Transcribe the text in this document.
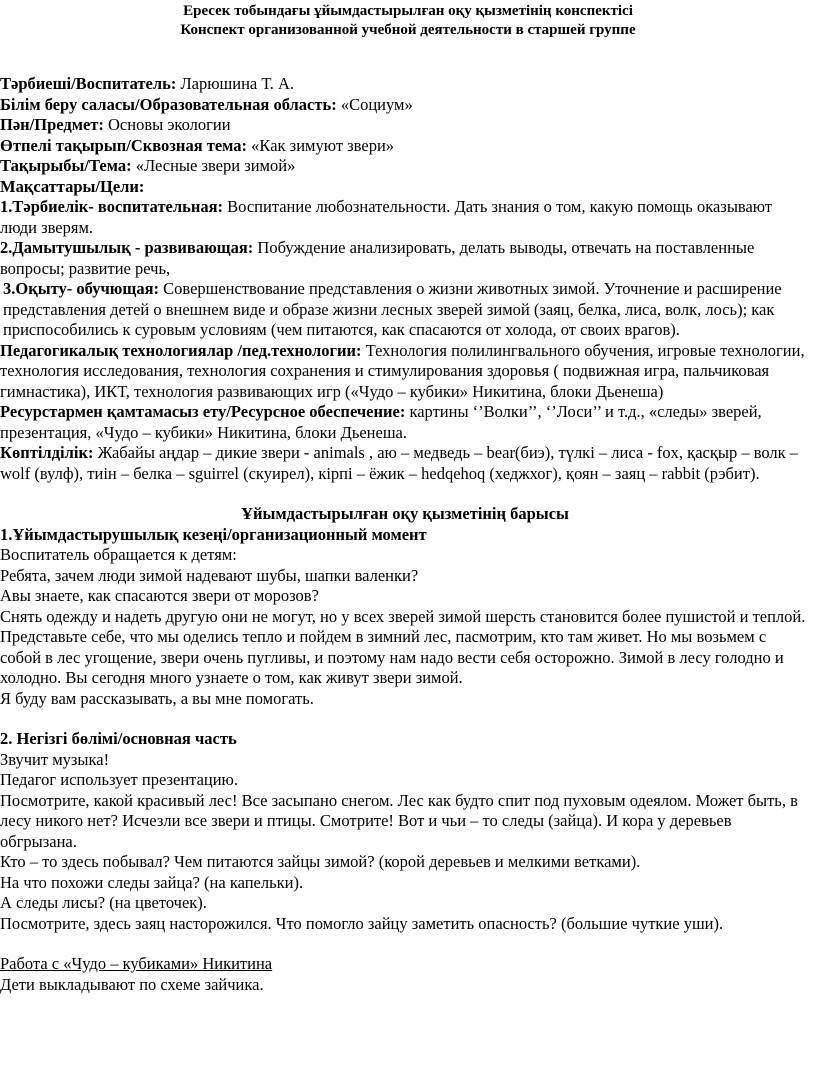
Ересек тобындағы ұйымдастырылған оқу қызметінің конспектісі
Конспект организованной учебной деятельности в старшей группе

Тәрбиеші/Воспитатель: Ларюшина Т. А.

Білім беру саласы/Образовательная область: «Социум»

Пән/Предмет: Основы экологии

Өтпелі тақырып/Сквозная тема: «Как зимуют звери»

Тақырыбы/Тема: «Лесные звери зимой»

Мақсаттары/Цели:

1.Тәрбиелік- воспитательная: Воспитание любознательности. Дать знания о том, какую помощь оказывают люди зверям.

2.Дамытушылық - развивающая: Побуждение анализировать, делать выводы, отвечать на поставленные вопросы; развитие речь,

3.Оқыту- обучющая: Совершенствование представления о жизни животных зимой. Уточнение и расширение представления детей о внешнем виде и образе жизни лесных зверей зимой (заяц, белка, лиса, волк, лось); как приспособились к суровым условиям (чем питаются, как спасаются от холода, от своих врагов).

Педагогикалық технологиялар /пед.технологии: Технология полилингвального обучения, игровые технологии, технология исследования, технология сохранения и стимулирования здоровья ( подвижная игра, пальчиковая гимнастика), ИКТ, технология развивающих игр («Чудо – кубики» Никитина, блоки Дьенеша)

Ресурстармен қамтамасыз ету/Ресурсное обеспечение: картины ‘’Волки’’, ‘’Лоси’’ и т.д., «следы» зверей, презентация, «Чудо – кубики» Никитина, блоки Дьенеша.

Көптілділік: Жабайы аңдар – дикие звери - animals , аю – медведь – bear(биэ), түлкі – лиса - fox, қасқыр – волк – wolf (вулф), тиін – белка – sguirrel (скуирел), кірпі – ёжик – hedqehoq (хеджхог), қоян – заяц – rabbit (рэбит).

Ұйымдастырылған оқу қызметінің барысы

1.Ұйымдастырушылық кезеңі/организационный момент

Воспитатель обращается к детям:

Ребята, зачем люди зимой надевают шубы, шапки валенки?

Авы знаете, как спасаются звери от морозов?

Снять одежду и надеть другую они не могут, но у всех зверей зимой шерсть становится более пушистой и теплой. Представьте себе, что мы оделись тепло и пойдем в зимний лес, пасмотрим, кто там живет. Но мы возьмем с собой в лес угощение, звери очень пугливы, и поэтому нам надо вести себя осторожно. Зимой в лесу голодно и холодно. Вы сегодня много узнаете о том, как живут звери зимой.

Я буду вам рассказывать, а вы мне помогать.

2. Негізгі бөлімі/основная часть

Звучит музыка!

Педагог использует презентацию.

Посмотрите, какой красивый лес! Все засыпано снегом. Лес как будто спит под пуховым одеялом. Может быть, в лесу никого нет? Исчезли все звери и птицы. Смотрите! Вот и чьи – то следы (зайца). И кора у деревьев обгрызана.

Кто – то здесь побывал? Чем питаются зайцы зимой? (корой деревьев и мелкими ветками).

На что похожи следы зайца? (на капельки).

А следы лисы? (на цветочек).

Посмотрите, здесь заяц насторожился. Что помогло зайцу заметить опасность? (большие чуткие уши).

Работа с «Чудо – кубиками» Никитина

Дети выкладывают по схеме зайчика.
